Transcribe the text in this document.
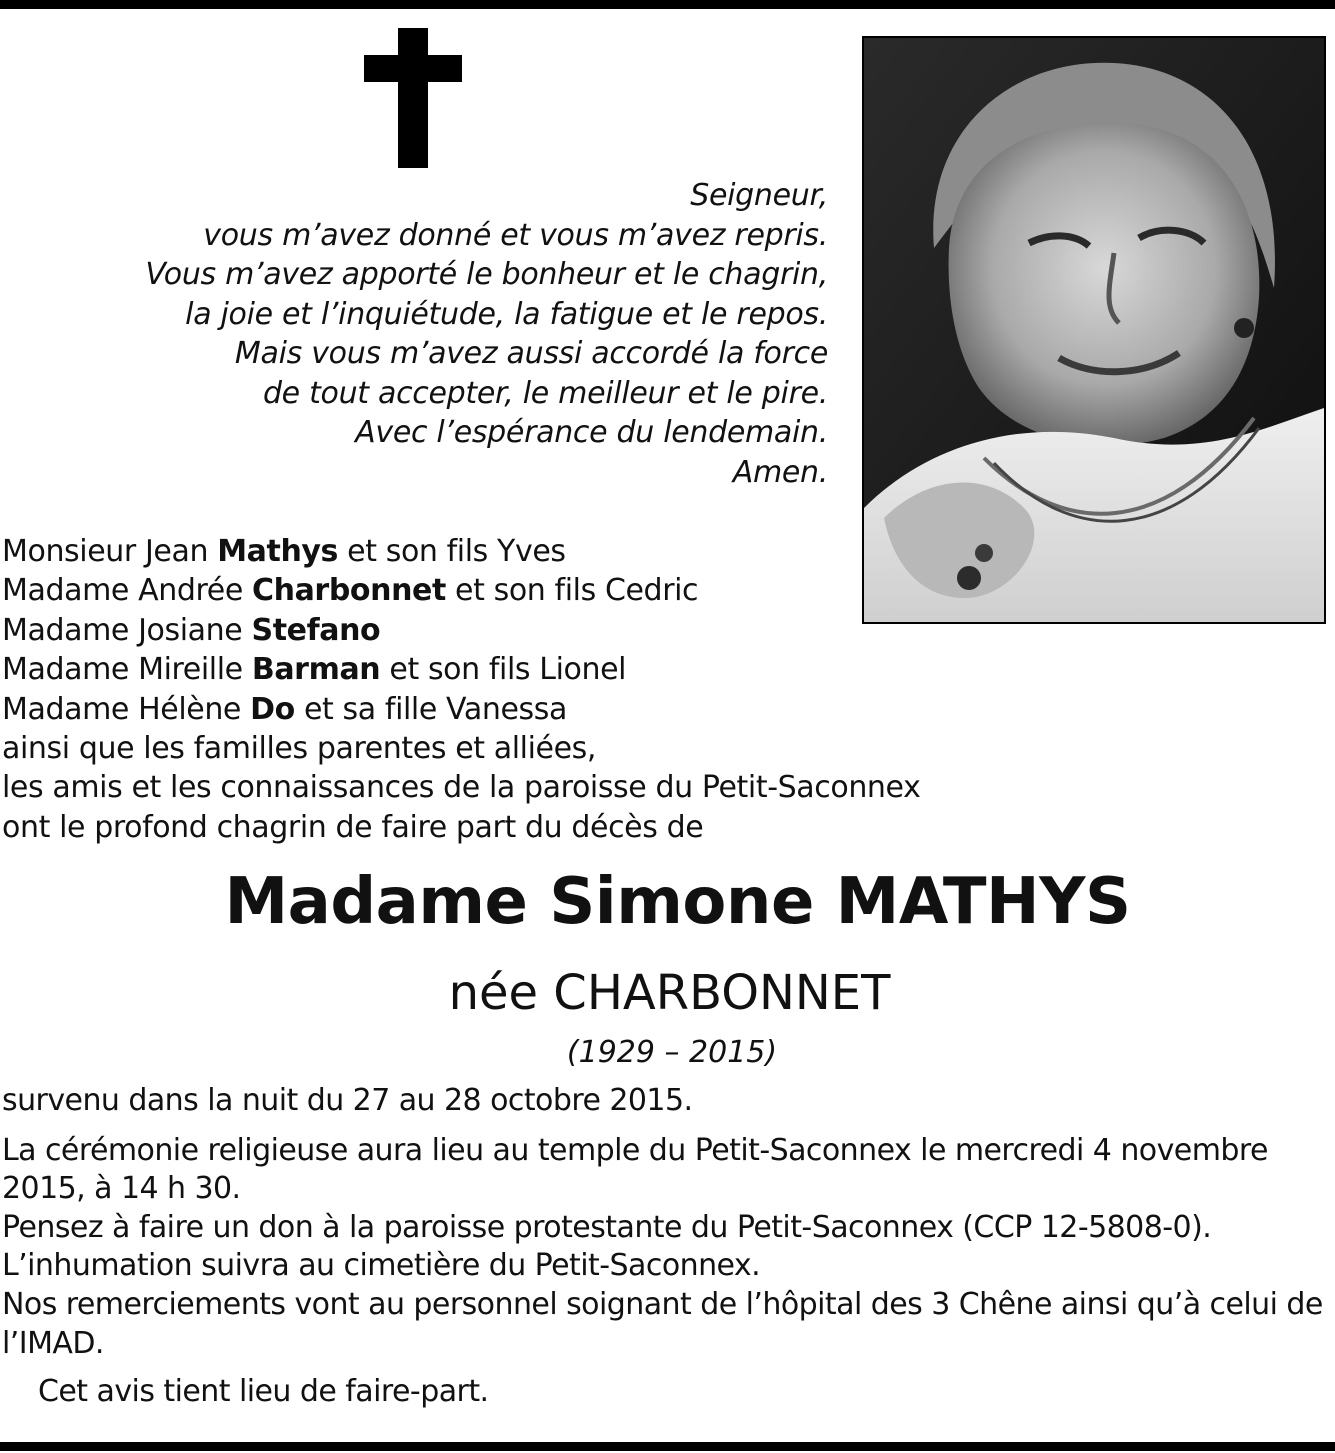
Seigneur,
vous m’avez donné et vous m’avez repris.
Vous m’avez apporté le bonheur et le chagrin,
la joie et l’inquiétude, la fatigue et le repos.
Mais vous m’avez aussi accordé la force
de tout accepter, le meilleur et le pire.
Avec l’espérance du lendemain.
Amen.
Monsieur Jean Mathys et son fils Yves
Madame Andrée Charbonnet et son fils Cedric
Madame Josiane Stefano
Madame Mireille Barman et son fils Lionel
Madame Hélène Do et sa fille Vanessa
ainsi que les familles parentes et alliées,
les amis et les connaissances de la paroisse du Petit-Saconnex
ont le profond chagrin de faire part du décès de
Madame Simone MATHYS
née CHARBONNET
(1929 – 2015)

survenu dans la nuit du 27 au 28 octobre 2015.

La cérémonie religieuse aura lieu au temple du Petit-Saconnex le mercredi 4 novembre 2015, à 14 h 30.

Pensez à faire un don à la paroisse protestante du Petit-Saconnex (CCP 12-5808-0).

L’inhumation suivra au cimetière du Petit-Saconnex.

Nos remerciements vont au personnel soignant de l’hôpital des 3 Chêne ainsi qu’à celui de l’IMAD.

Cet avis tient lieu de faire-part.
